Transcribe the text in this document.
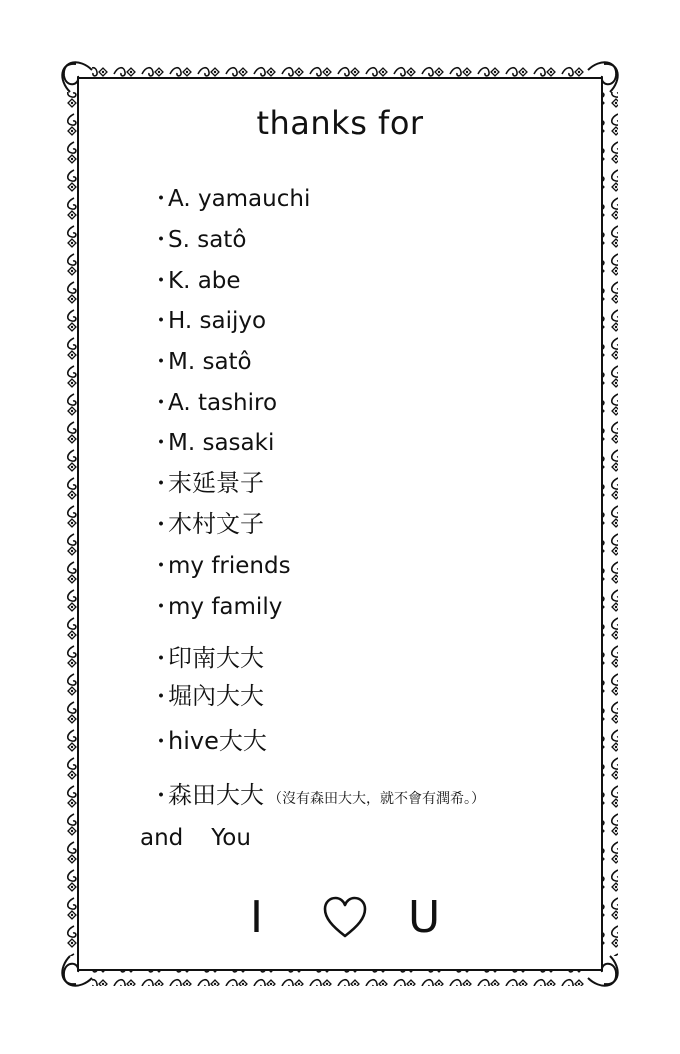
thanks for
・A. yamauchi
・S. satô
・K. abe
・H. saijyo
・M. satô
・A. tashiro
・M. sasaki
・末延景子
・木村文子
・my friends
・my family
・印南大大
・堀內大大
・hive大大
・森田大大 （沒有森田大大，就不會有潤希。）
and You
I	U
